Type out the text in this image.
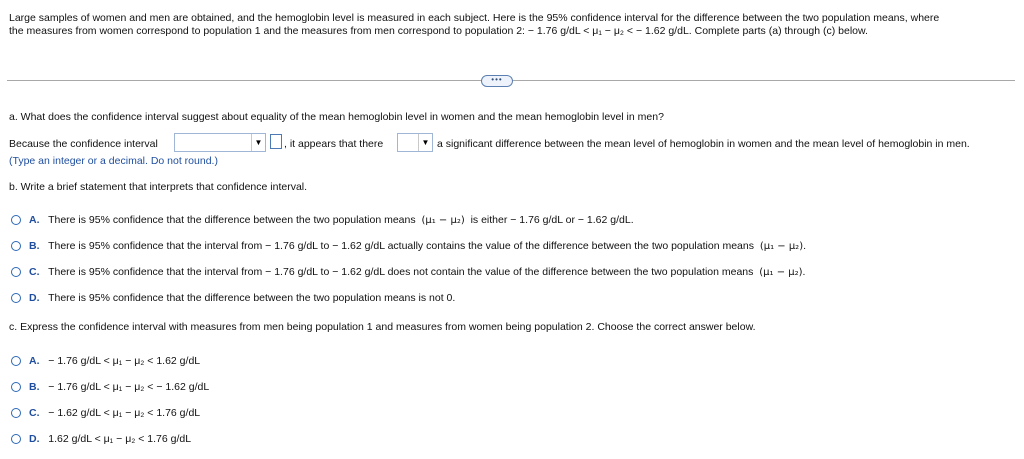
Large samples of women and men are obtained, and the hemoglobin level is measured in each subject. Here is the 95% confidence interval for the difference between the two population means, where
the measures from women correspond to population 1 and the measures from men correspond to population 2: − 1.76 g/dL < μ₁ − μ₂ < − 1.62 g/dL. Complete parts (a) through (c) below.
•••
a. What does the confidence interval suggest about equality of the mean hemoglobin level in women and the mean hemoglobin level in men?
Because the confidence interval	▼ , it appears that there	▼ a significant difference between the mean level of hemoglobin in women and the mean level of hemoglobin in men.
(Type an integer or a decimal. Do not round.)
b. Write a brief statement that interprets that confidence interval.
A. There is 95% confidence that the difference between the two population means (μ₁ − μ₂) is either − 1.76 g/dL or − 1.62 g/dL.
B. There is 95% confidence that the interval from − 1.76 g/dL to − 1.62 g/dL actually contains the value of the difference between the two population means (μ₁ − μ₂).
C. There is 95% confidence that the interval from − 1.76 g/dL to − 1.62 g/dL does not contain the value of the difference between the two population means (μ₁ − μ₂).
D. There is 95% confidence that the difference between the two population means is not 0.
c. Express the confidence interval with measures from men being population 1 and measures from women being population 2. Choose the correct answer below.
A.   − 1.76 g/dL < μ₁ − μ₂ < 1.62 g/dL
B.   − 1.76 g/dL < μ₁ − μ₂ < − 1.62 g/dL
C.   − 1.62 g/dL < μ₁ − μ₂ < 1.76 g/dL
D. 1.62 g/dL < μ₁ − μ₂ < 1.76 g/dL
